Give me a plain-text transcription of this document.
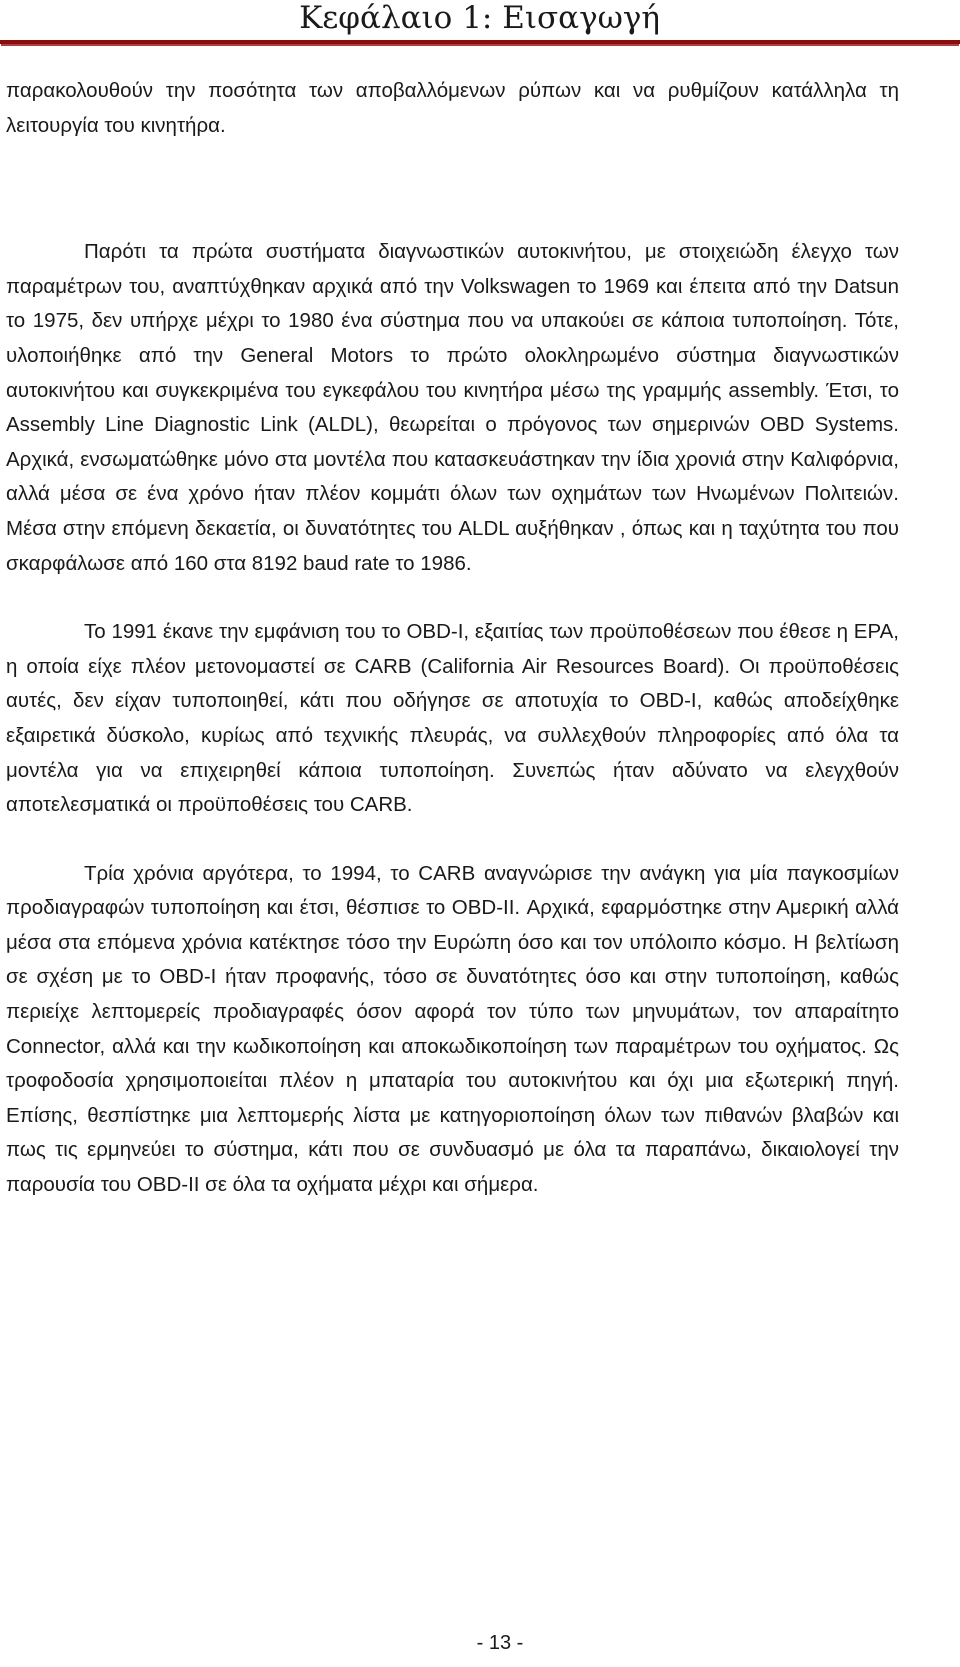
Κεφάλαιο 1: Εισαγωγή

παρακολουθούν την ποσότητα των αποβαλλόμενων ρύπων και να ρυθμίζουν κατάλληλα τη λειτουργία του κινητήρα.

Παρότι τα πρώτα συστήματα διαγνωστικών αυτοκινήτου, με στοιχειώδη έλεγχο των παραμέτρων του, αναπτύχθηκαν αρχικά από την Volkswagen το 1969 και έπειτα από την Datsun το 1975, δεν υπήρχε μέχρι το 1980 ένα σύστημα που να υπακούει σε κάποια τυποποίηση. Τότε, υλοποιήθηκε από την General Motors το πρώτο ολοκληρωμένο σύστημα διαγνωστικών αυτοκινήτου και συγκεκριμένα του εγκεφάλου του κινητήρα μέσω της γραμμής assembly. Έτσι, το Assembly Line Diagnostic Link (ALDL), θεωρείται ο πρόγονος των σημερινών OBD Systems. Αρχικά, ενσωματώθηκε μόνο στα μοντέλα που κατασκευάστηκαν την ίδια χρονιά στην Καλιφόρνια, αλλά μέσα σε ένα χρόνο ήταν πλέον κομμάτι όλων των οχημάτων των Ηνωμένων Πολιτειών. Μέσα στην επόμενη δεκαετία, οι δυνατότητες του ALDL αυξήθηκαν , όπως και η ταχύτητα του που σκαρφάλωσε από 160 στα 8192 baud rate το 1986.

Το 1991 έκανε την εμφάνιση του το OBD-I, εξαιτίας των προϋποθέσεων που έθεσε η EPA, η οποία είχε πλέον μετονομαστεί σε CARB (California Air Resources Board). Οι προϋποθέσεις αυτές, δεν είχαν τυποποιηθεί, κάτι που οδήγησε σε αποτυχία το OBD-I, καθώς αποδείχθηκε εξαιρετικά δύσκολο, κυρίως από τεχνικής πλευράς, να συλλεχθούν πληροφορίες από όλα τα μοντέλα για να επιχειρηθεί κάποια τυποποίηση. Συνεπώς ήταν αδύνατο να ελεγχθούν αποτελεσματικά οι προϋποθέσεις του CARB.

Τρία χρόνια αργότερα, το 1994, το CARB αναγνώρισε την ανάγκη για μία παγκοσμίων προδιαγραφών τυποποίηση και έτσι, θέσπισε το OBD-II. Αρχικά, εφαρμόστηκε στην Αμερική αλλά μέσα στα επόμενα χρόνια κατέκτησε τόσο την Ευρώπη όσο και τον υπόλοιπο κόσμο. Η βελτίωση σε σχέση με το OBD-I ήταν προφανής, τόσο σε δυνατότητες όσο και στην τυποποίηση, καθώς περιείχε λεπτομερείς προδιαγραφές όσον αφορά τον τύπο των μηνυμάτων, τον απαραίτητο Connector, αλλά και την κωδικοποίηση και αποκωδικοποίηση των παραμέτρων του οχήματος. Ως τροφοδοσία χρησιμοποιείται πλέον η μπαταρία του αυτοκινήτου και όχι μια εξωτερική πηγή. Επίσης, θεσπίστηκε μια λεπτομερής λίστα με κατηγοριοποίηση όλων των πιθανών βλαβών και πως τις ερμηνεύει το σύστημα, κάτι που σε συνδυασμό με όλα τα παραπάνω, δικαιολογεί την παρουσία του OBD-II σε όλα τα οχήματα μέχρι και σήμερα.

- 13 -
